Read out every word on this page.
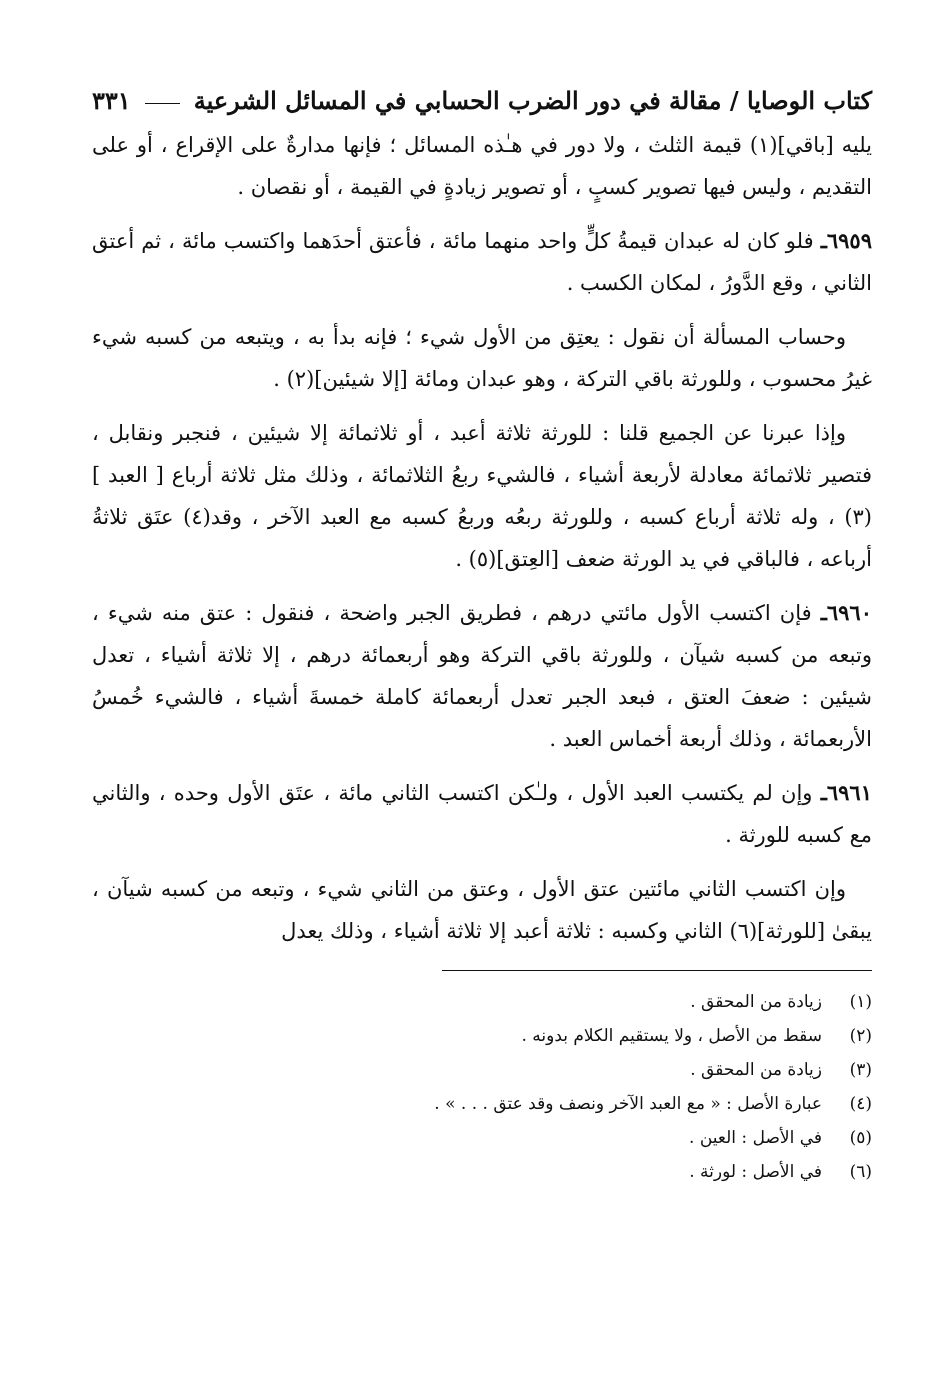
كتاب الوصايا / مقالة في دور الضرب الحسابي في المسائل الشرعية
٣٣١

يليه [باقي](١) قيمة الثلث ، ولا دور في هـٰذه المسائل ؛ فإنها مدارةٌ على الإقراع ، أو على التقديم ، وليس فيها تصوير كسبٍ ، أو تصوير زيادةٍ في القيمة ، أو نقصان .

٦٩٥٩ـ فلو كان له عبدان قيمةُ كلٍّ واحد منهما مائة ، فأعتق أحدَهما واكتسب مائة ، ثم أعتق الثاني ، وقع الدَّورُ ، لمكان الكسب .

وحساب المسألة أن نقول : يعتِق من الأول شيء ؛ فإنه بدأ به ، ويتبعه من كسبه شيء غيرُ محسوب ، وللورثة باقي التركة ، وهو عبدان ومائة [إلا شيئين](٢) .

وإذا عبرنا عن الجميع قلنا : للورثة ثلاثة أعبد ، أو ثلاثمائة إلا شيئين ، فنجبر ونقابل ، فتصير ثلاثمائة معادلة لأربعة أشياء ، فالشيء ربعُ الثلاثمائة ، وذلك مثل ثلاثة أرباع [ العبد ](٣) ، وله ثلاثة أرباع كسبه ، وللورثة ربعُه وربعُ كسبه مع العبد الآخر ، وقد(٤) عتَق ثلاثةُ أرباعه ، فالباقي في يد الورثة ضعف [العِتق](٥) .

٦٩٦٠ـ فإن اكتسب الأول مائتي درهم ، فطريق الجبر واضحة ، فنقول : عتق منه شيء ، وتبعه من كسبه شيآن ، وللورثة باقي التركة وهو أربعمائة درهم ، إلا ثلاثة أشياء ، تعدل شيئين : ضعفَ العتق ، فبعد الجبر تعدل أربعمائة كاملة خمسةَ أشياء ، فالشيء خُمسُ الأربعمائة ، وذلك أربعة أخماس العبد .

٦٩٦١ـ وإن لم يكتسب العبد الأول ، ولـٰكن اكتسب الثاني مائة ، عتَق الأول وحده ، والثاني مع كسبه للورثة .

وإن اكتسب الثاني مائتين عتق الأول ، وعتق من الثاني شيء ، وتبعه من كسبه شيآن ، يبقىٰ [للورثة](٦) الثاني وكسبه : ثلاثة أعبد إلا ثلاثة أشياء ، وذلك يعدل

(١)
زيادة من المحقق .
(٢)
سقط من الأصل ، ولا يستقيم الكلام بدونه .
(٣)
زيادة من المحقق .
(٤)
عبارة الأصل : « مع العبد الآخر ونصف وقد عتق . . . » .
(٥)
في الأصل : العين .
(٦)
في الأصل : لورثة .
